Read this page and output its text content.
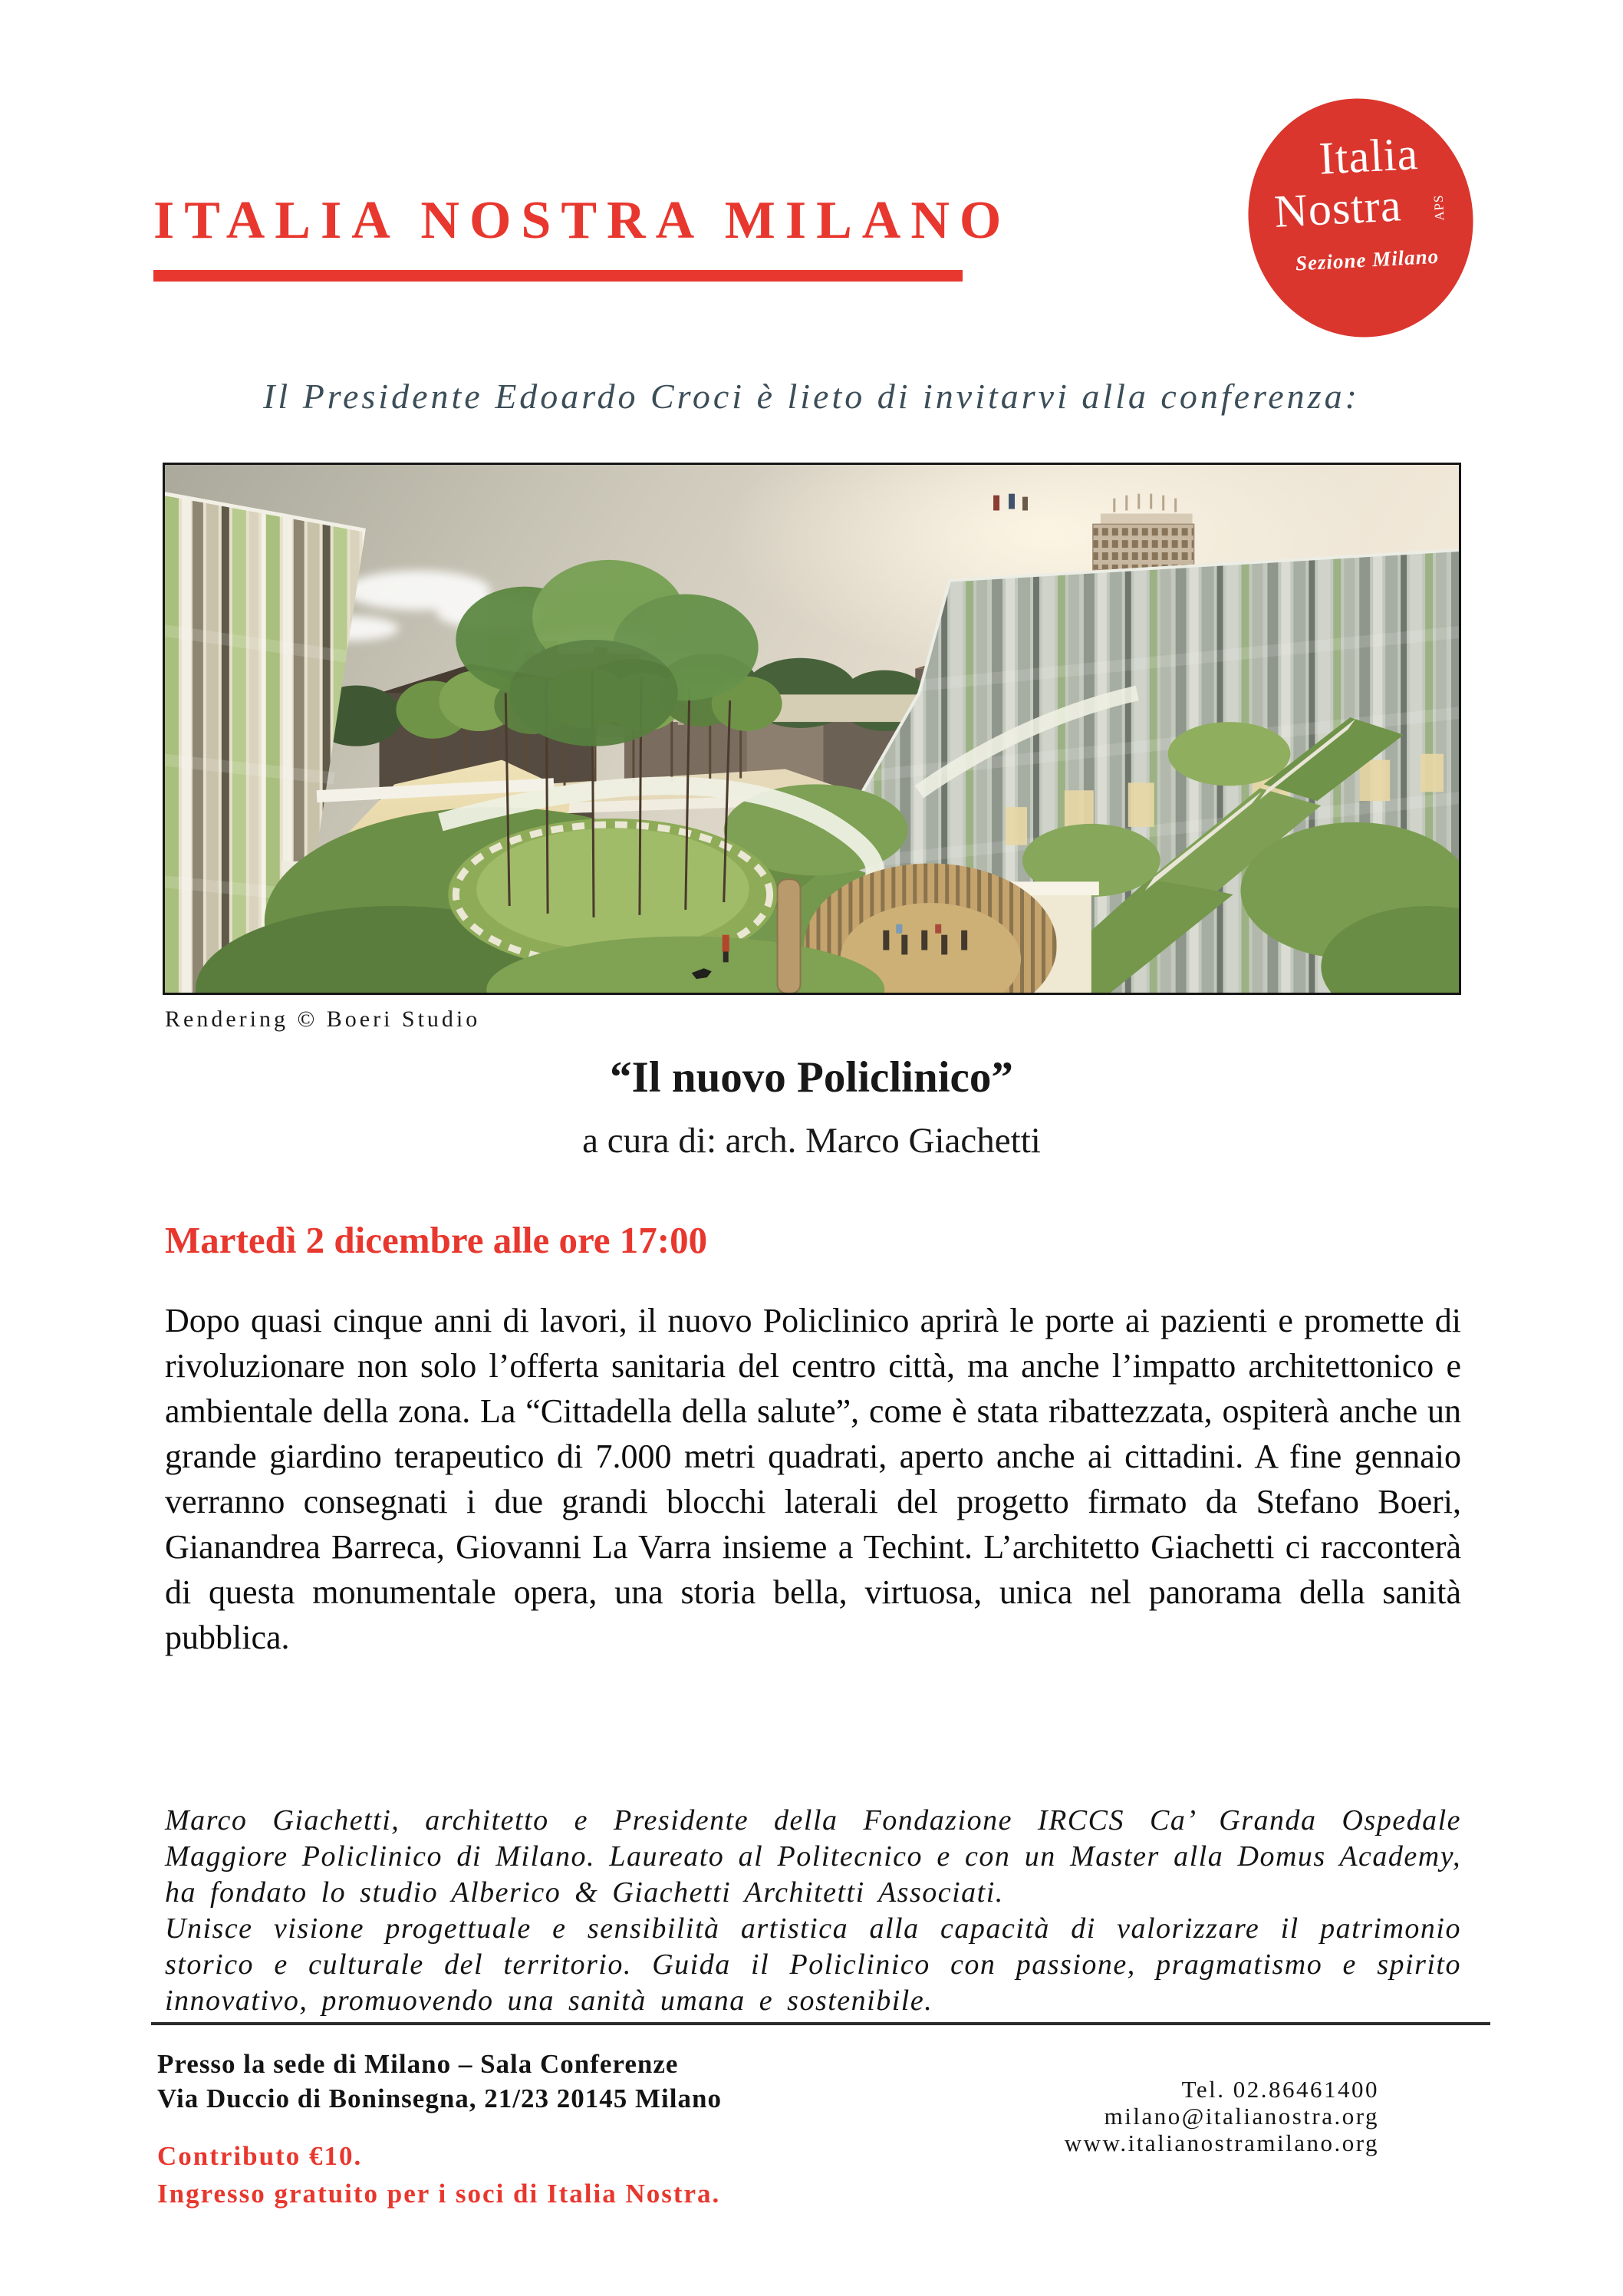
ITALIA NOSTRA MILANO
Italia
Nostra APS
Sezione Milano

Il Presidente Edoardo Croci è lieto di invitarvi alla conferenza:

Rendering © Boeri Studio
“Il nuovo Policlinico”

a cura di: arch. Marco Giachetti

Martedì 2 dicembre alle ore 17:00

Dopo quasi cinque anni di lavori, il nuovo Policlinico aprirà le porte ai pazienti e promette di rivoluzionare non solo l’offerta sanitaria del centro città, ma anche l’impatto architettonico e ambientale della zona. La “Cittadella della salute”, come è stata ribattezzata, ospiterà anche un grande giardino terapeutico di 7.000 metri quadrati, aperto anche ai cittadini. A fine gennaio verranno consegnati i due grandi blocchi laterali del progetto firmato da Stefano Boeri, Gianandrea Barreca, Giovanni La Varra insieme a Techint. L’architetto Giachetti ci racconterà di questa monumentale opera, una storia bella, virtuosa, unica nel panorama della sanità pubblica.

Marco Giachetti, architetto e Presidente della Fondazione IRCCS Ca’ Granda Ospedale Maggiore Policlinico di Milano. Laureato al Politecnico e con un Master alla Domus Academy, ha fondato lo studio Alberico & Giachetti Architetti Associati.

Unisce visione progettuale e sensibilità artistica alla capacità di valorizzare il patrimonio storico e culturale del territorio. Guida il Policlinico con passione, pragmatismo e spirito innovativo, promuovendo una sanità umana e sostenibile.

Presso la sede di Milano – Sala Conferenze

Via Duccio di Boninsegna, 21/23 20145 Milano

Contributo €10.

Ingresso gratuito per i soci di Italia Nostra.

Tel. 02.86461400

milano@italianostra.org

www.italianostramilano.org
